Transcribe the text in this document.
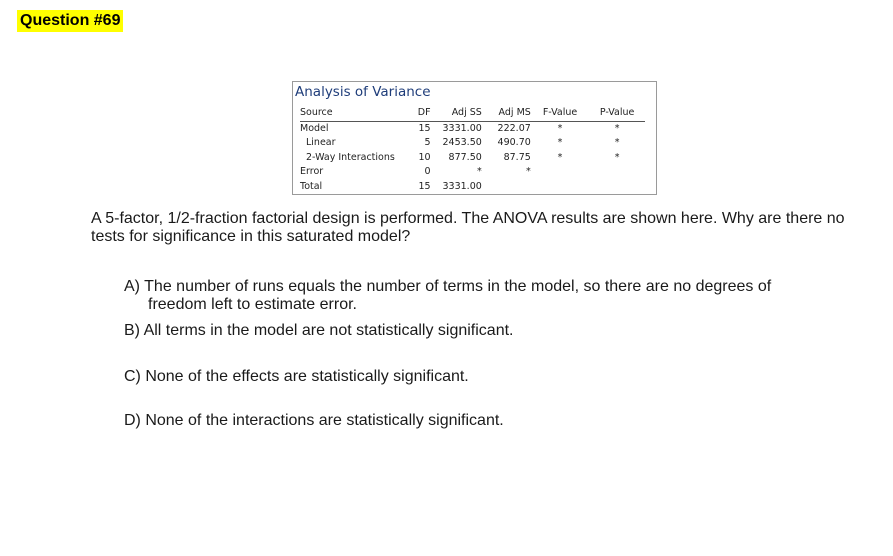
Question #69
Analysis of Variance
Source	DF	Adj SS	Adj MS	F-Value	P-Value
Model	15	3331.00	222.07	*	*
Linear	5	2453.50	490.70	*	*
2-Way Interactions	10	877.50	87.75	*	*
Error	0	*	*		
Total	15	3331.00			
A 5-factor, 1/2-fraction factorial design is performed. The ANOVA results are shown here. Why are there no tests for significance in this saturated model?
A) The number of runs equals the number of terms in the model, so there are no degrees of
freedom left to estimate error.
B) All terms in the model are not statistically significant.
C) None of the effects are statistically significant.
D) None of the interactions are statistically significant.
